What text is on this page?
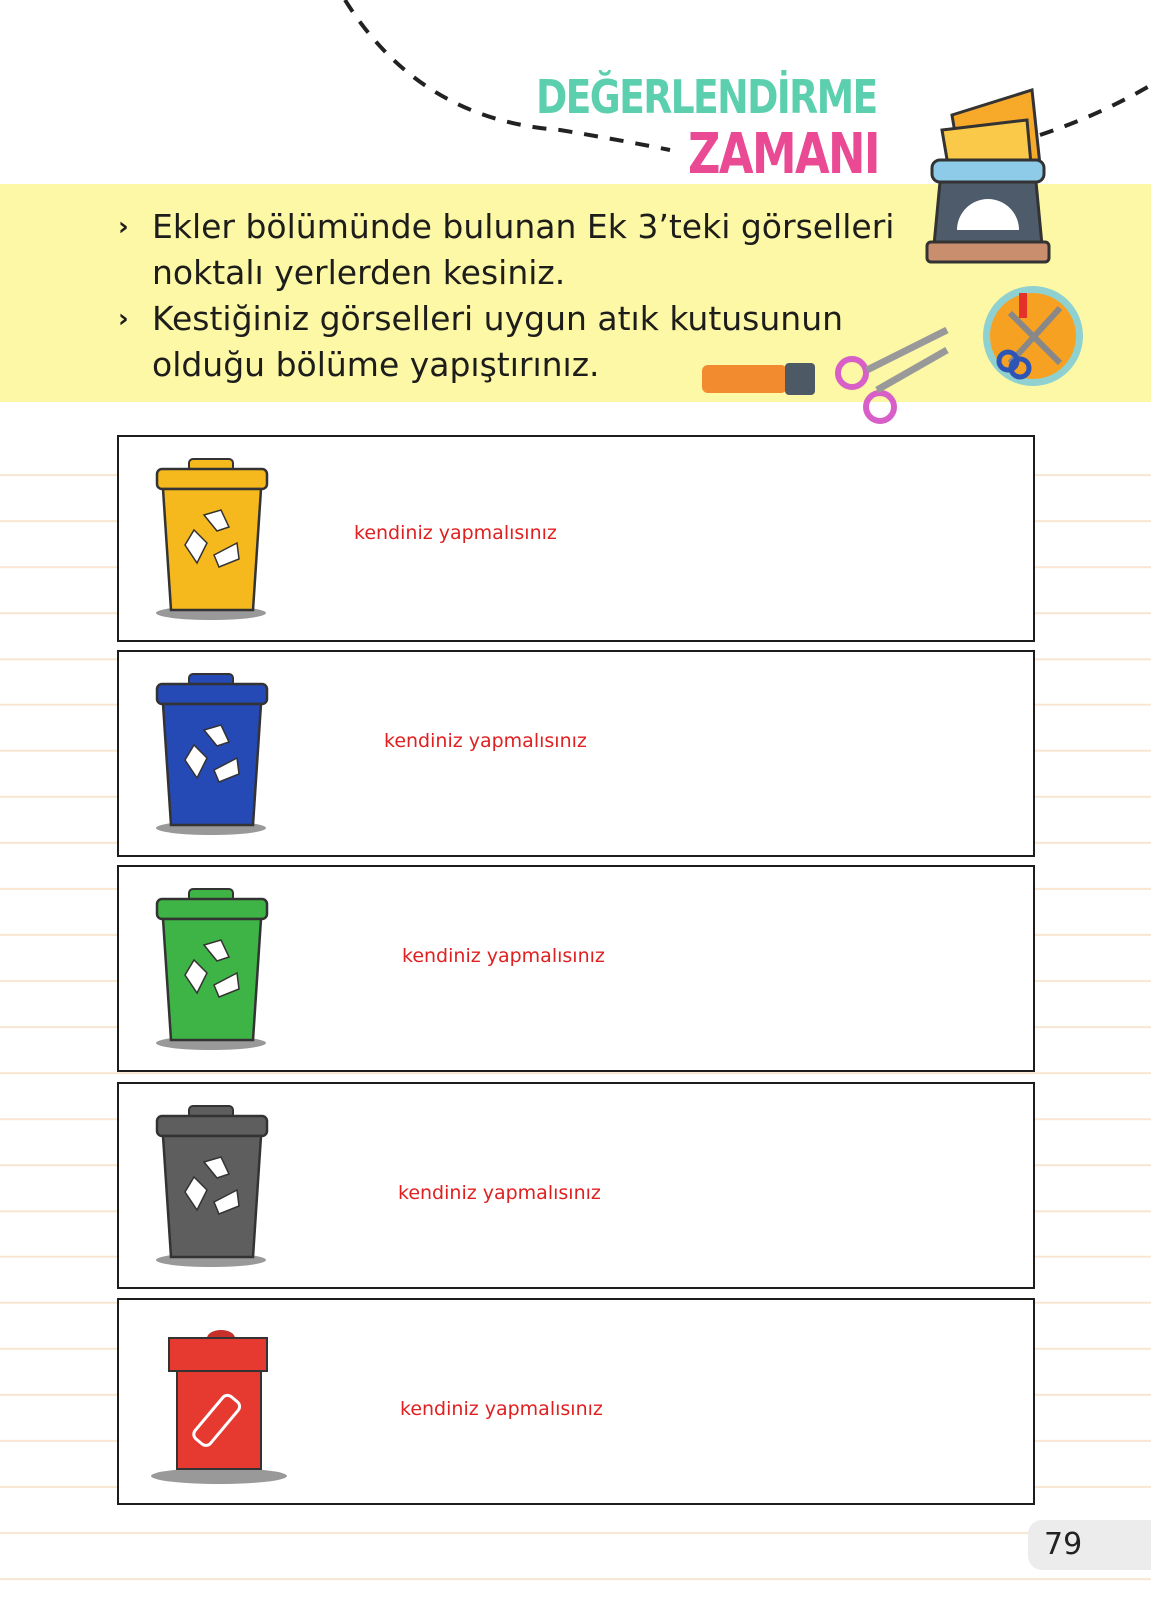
DEĞERLENDİRME
ZAMANI
› Ekler bölümünde bulunan Ek 3’teki görselleri
noktalı yerlerden kesiniz.
› Kestiğiniz görselleri uygun atık kutusunun
olduğu bölüme yapıştırınız.
kendiniz yapmalısınız
kendiniz yapmalısınız
kendiniz yapmalısınız
kendiniz yapmalısınız
kendiniz yapmalısınız
79
